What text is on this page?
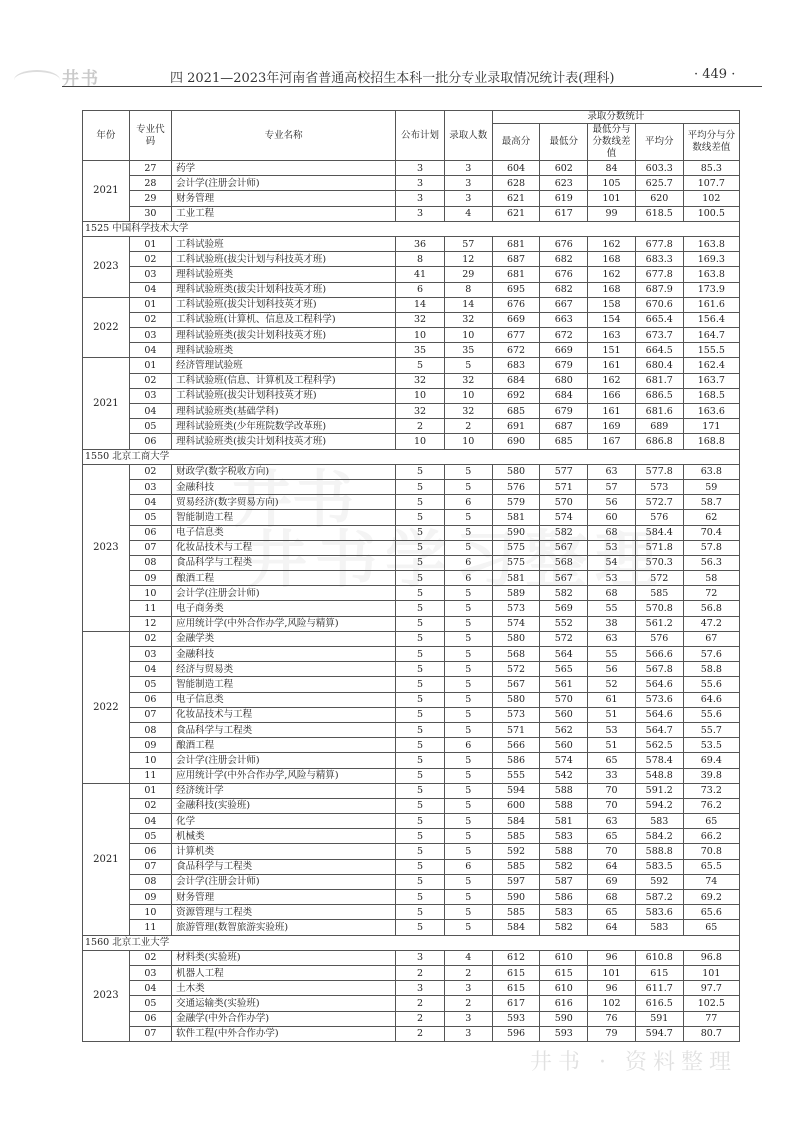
井书	四 2021—2023年河南省普通高校招生本科一批分专业录取情况统计表(理科)	· 449 ·
年份	专业代码	专业名称	公布计划	录取人数	录取分数统计				
					最高分	最低分	最低分与分数线差值	平均分	平均分与分数线差值
2021	27	药学	3	3	604	602	84	603.3	85.3
	28	会计学(注册会计师)	3	3	628	623	105	625.7	107.7
	29	财务管理	3	3	621	619	101	620	102
	30	工业工程	3	4	621	617	99	618.5	100.5
1525 中国科学技术大学									
2023	01	工科试验班	36	57	681	676	162	677.8	163.8
	02	工科试验班(拔尖计划与科技英才班)	8	12	687	682	168	683.3	169.3
	03	理科试验班类	41	29	681	676	162	677.8	163.8
	04	理科试验班类(拔尖计划科技英才班)	6	8	695	682	168	687.9	173.9
2022	01	工科试验班(拔尖计划科技英才班)	14	14	676	667	158	670.6	161.6
	02	工科试验班(计算机、信息及工程科学)	32	32	669	663	154	665.4	156.4
	03	理科试验班类(拔尖计划科技英才班)	10	10	677	672	163	673.7	164.7
	04	理科试验班类	35	35	672	669	151	664.5	155.5
2021	01	经济管理试验班	5	5	683	679	161	680.4	162.4
	02	工科试验班(信息、计算机及工程科学)	32	32	684	680	162	681.7	163.7
	03	工科试验班(拔尖计划科技英才班)	10	10	692	684	166	686.5	168.5
	04	理科试验班类(基础学科)	32	32	685	679	161	681.6	163.6
	05	理科试验班类(少年班院数学改革班)	2	2	691	687	169	689	171
	06	理科试验班类(拔尖计划科技英才班)	10	10	690	685	167	686.8	168.8
1550 北京工商大学									
2023	02	财政学(数字税收方向)	5	5	580	577	63	577.8	63.8
	03	金融科技	5	5	576	571	57	573	59
	04	贸易经济(数字贸易方向)	5	6	579	570	56	572.7	58.7
	05	智能制造工程	5	5	581	574	60	576	62
	06	电子信息类	5	5	590	582	68	584.4	70.4
	07	化妆品技术与工程	5	5	575	567	53	571.8	57.8
	08	食品科学与工程类	5	6	575	568	54	570.3	56.3
	09	酿酒工程	5	6	581	567	53	572	58
	10	会计学(注册会计师)	5	5	589	582	68	585	72
	11	电子商务类	5	5	573	569	55	570.8	56.8
	12	应用统计学(中外合作办学,风险与精算)	5	5	574	552	38	561.2	47.2
2022	02	金融学类	5	5	580	572	63	576	67
	03	金融科技	5	5	568	564	55	566.6	57.6
	04	经济与贸易类	5	5	572	565	56	567.8	58.8
	05	智能制造工程	5	5	567	561	52	564.6	55.6
	06	电子信息类	5	5	580	570	61	573.6	64.6
	07	化妆品技术与工程	5	5	573	560	51	564.6	55.6
	08	食品科学与工程类	5	5	571	562	53	564.7	55.7
	09	酿酒工程	5	6	566	560	51	562.5	53.5
	10	会计学(注册会计师)	5	5	586	574	65	578.4	69.4
	11	应用统计学(中外合作办学,风险与精算)	5	5	555	542	33	548.8	39.8
2021	01	经济统计学	5	5	594	588	70	591.2	73.2
	02	金融科技(实验班)	5	5	600	588	70	594.2	76.2
	04	化学	5	5	584	581	63	583	65
	05	机械类	5	5	585	583	65	584.2	66.2
	06	计算机类	5	5	592	588	70	588.8	70.8
	07	食品科学与工程类	5	6	585	582	64	583.5	65.5
	08	会计学(注册会计师)	5	5	597	587	69	592	74
	09	财务管理	5	5	590	586	68	587.2	69.2
	10	资源管理与工程类	5	5	585	583	65	583.6	65.6
	11	旅游管理(数智旅游实验班)	5	5	584	582	64	583	65
1560 北京工业大学									
2023	02	材料类(实验班)	3	4	612	610	96	610.8	96.8
	03	机器人工程	2	2	615	615	101	615	101
	04	土木类	3	3	615	610	96	611.7	97.7
	05	交通运输类(实验班)	2	2	617	616	102	616.5	102.5
	06	金融学(中外合作办学)	2	3	593	590	76	591	77
	07	软件工程(中外合作办学)	2	3	596	593	79	594.7	80.7
井书 · 资料整理
